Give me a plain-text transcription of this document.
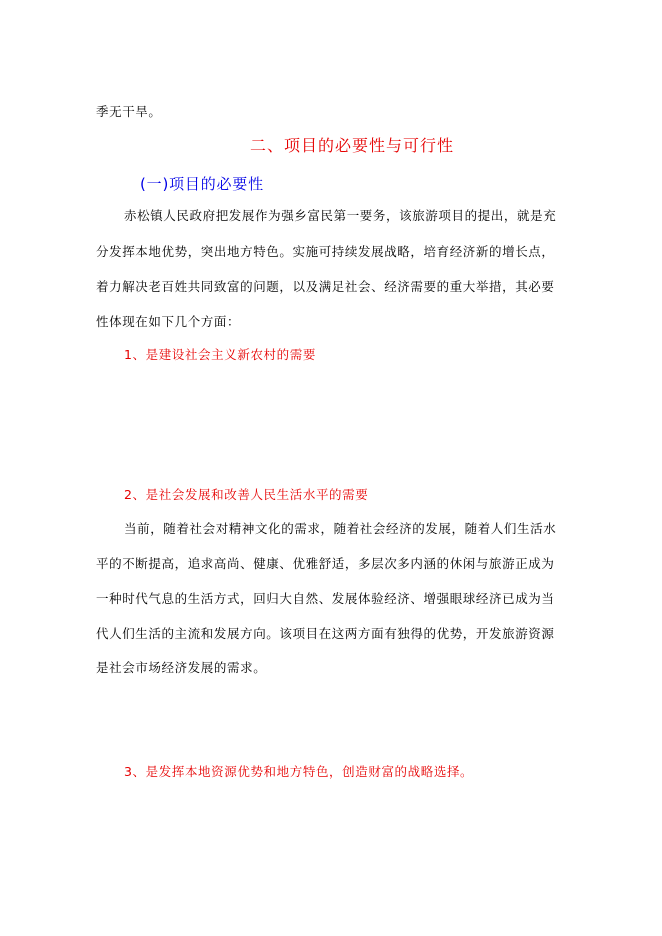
季无干旱。
二、项目的必要性与可行性
(一)项目的必要性
赤松镇人民政府把发展作为强乡富民第一要务，该旅游项目的提出，就是充
分发挥本地优势，突出地方特色。实施可持续发展战略，培育经济新的增长点，
着力解决老百姓共同致富的问题，以及满足社会、经济需要的重大举措，其必要
性体现在如下几个方面：
1、是建设社会主义新农村的需要
2、是社会发展和改善人民生活水平的需要
当前，随着社会对精神文化的需求，随着社会经济的发展，随着人们生活水
平的不断提高，追求高尚、健康、优雅舒适，多层次多内涵的休闲与旅游正成为
一种时代气息的生活方式，回归大自然、发展体验经济、增强眼球经济已成为当
代人们生活的主流和发展方向。该项目在这两方面有独得的优势，开发旅游资源
是社会市场经济发展的需求。
3、是发挥本地资源优势和地方特色，创造财富的战略选择。
